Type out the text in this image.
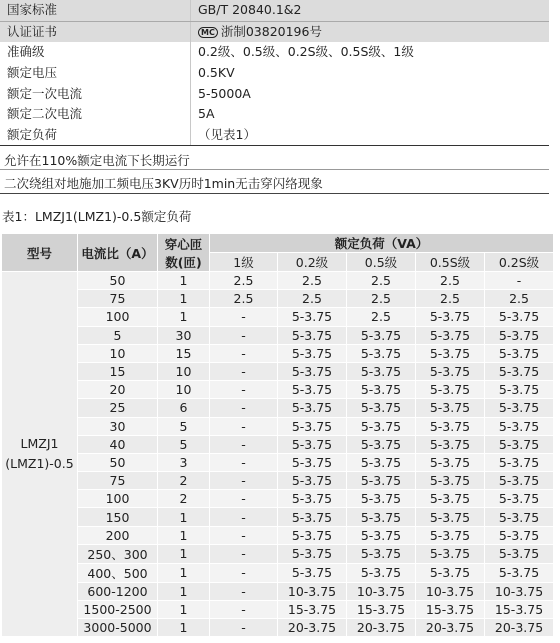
国家标准	GB/T 20840.1&2
认证证书	MC 浙制03820196号
准确级	0.2级、0.5级、0.2S级、0.5S级、1级
额定电压	0.5KV
额定一次电流	5-5000A
额定二次电流	5A
额定负荷	（见表1）
允许在110%额定电流下长期运行
二次绕组对地施加工频电压3KV历时1min无击穿闪络现象
表1：LMZJ1(LMZ1)-0.5额定负荷
型号	电流比（A）	穿心匝
数(匝)	额定负荷（VA）				
			1级	0.2级	0.5级	0.5S级	0.2S级

LMZJ1
(LMZ1)-0.5	50	1	2.5	2.5	2.5	2.5	-
	75	1	2.5	2.5	2.5	2.5	2.5
	100	1	-	5-3.75	2.5	5-3.75	5-3.75
	5	30	-	5-3.75	5-3.75	5-3.75	5-3.75
	10	15	-	5-3.75	5-3.75	5-3.75	5-3.75
	15	10	-	5-3.75	5-3.75	5-3.75	5-3.75
	20	10	-	5-3.75	5-3.75	5-3.75	5-3.75
	25	6	-	5-3.75	5-3.75	5-3.75	5-3.75
	30	5	-	5-3.75	5-3.75	5-3.75	5-3.75
	40	5	-	5-3.75	5-3.75	5-3.75	5-3.75
	50	3	-	5-3.75	5-3.75	5-3.75	5-3.75
	75	2	-	5-3.75	5-3.75	5-3.75	5-3.75
	100	2	-	5-3.75	5-3.75	5-3.75	5-3.75
	150	1	-	5-3.75	5-3.75	5-3.75	5-3.75
	200	1	-	5-3.75	5-3.75	5-3.75	5-3.75
	250、300	1	-	5-3.75	5-3.75	5-3.75	5-3.75
	400、500	1	-	5-3.75	5-3.75	5-3.75	5-3.75
	600-1200	1	-	10-3.75	10-3.75	10-3.75	10-3.75
	1500-2500	1	-	15-3.75	15-3.75	15-3.75	15-3.75
	3000-5000	1	-	20-3.75	20-3.75	20-3.75	20-3.75
